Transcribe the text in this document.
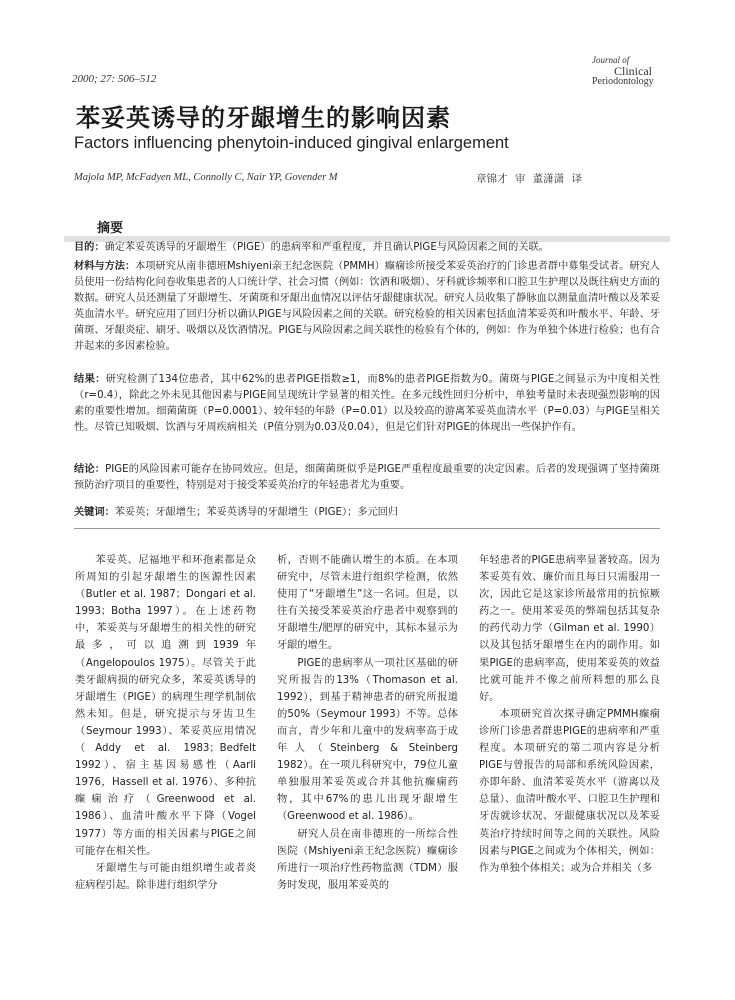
2000; 27: 506–512
Journal of
Clinical
Periodontology
苯妥英诱导的牙龈增生的影响因素
Factors influencing phenytoin-induced gingival enlargement
Majola MP, McFadyen ML, Connolly C, Nair YP, Govender M	章锦才 审 董潇潇 译
摘要
目的：确定苯妥英诱导的牙龈增生（PIGE）的患病率和严重程度，并且确认PIGE与风险因素之间的关联。
材料与方法：本项研究从南非德班Mshiyeni亲王纪念医院（PMMH）癫痫诊所接受苯妥英治疗的门诊患者群中募集受试者。研究人员使用一份结构化问卷收集患者的人口统计学、社会习惯（例如：饮酒和吸烟）、牙科就诊频率和口腔卫生护理以及既往病史方面的数据。研究人员还测量了牙龈增生、牙菌斑和牙龈出血情况以评估牙龈健康状况。研究人员收集了静脉血以测量血清叶酸以及苯妥英血清水平。研究应用了回归分析以确认PIGE与风险因素之间的关联。研究检验的相关因素包括血清苯妥英和叶酸水平、年龄、牙菌斑、牙龈炎症、刷牙、吸烟以及饮酒情况。PIGE与风险因素之间关联性的检验有个体的，例如：作为单独个体进行检验；也有合并起来的多因素检验。
结果：研究检测了134位患者，其中62%的患者PIGE指数≥1，而8%的患者PIGE指数为0。菌斑与PIGE之间显示为中度相关性（r=0.4），除此之外未见其他因素与PIGE间呈现统计学显著的相关性。在多元线性回归分析中，单独考量时未表现强烈影响的因素的重要性增加。细菌菌斑（P=0.0001）、较年轻的年龄（P=0.01）以及较高的游离苯妥英血清水平（P=0.03）与PIGE呈相关性。尽管已知吸烟、饮酒与牙周疾病相关（P值分别为0.03及0.04），但是它们针对PIGE的体现出一些保护作有。
结论：PIGE的风险因素可能存在协同效应。但是，细菌菌斑似乎是PIGE严重程度最重要的决定因素。后者的发现强调了坚持菌斑预防治疗项目的重要性，特别是对于接受苯妥英治疗的年轻患者尤为重要。
关键词：苯妥英；牙龈增生；苯妥英诱导的牙龈增生（PIGE）；多元回归

苯妥英、尼福地平和环孢素都是众所周知的引起牙龈增生的医源性因素（Butler et al. 1987；Dongari et al. 1993；Botha 1997）。在上述药物中，苯妥英与牙龈增生的相关性的研究最多，可以追溯到1939年（Angelopoulos 1975）。尽管关于此类牙龈病损的研究众多，苯妥英诱导的牙龈增生（PIGE）的病理生理学机制依然未知。但是，研究提示与牙齿卫生（Seymour 1993）、苯妥英应用情况（Addy et al. 1983；Bedfelt 1992）、宿主基因易感性（Aarli 1976，Hassell et al. 1976）、多种抗癫痫治疗（Greenwood et al. 1986）、血清叶酸水平下降（Vogel 1977）等方面的相关因素与PIGE之间可能存在相关性。

牙龈增生与可能由组织增生或者炎症病程引起。除非进行组织学分

析，否则不能确认增生的本质。在本项研究中，尽管未进行组织学检测，依然使用了“牙龈增生”这一名词。但是，以往有关接受苯妥英治疗患者中观察到的牙龈增生/肥厚的研究中，其标本显示为牙龈的增生。

PIGE的患病率从一项社区基础的研究所报告的13%（Thomason et al. 1992），到基于精神患者的研究所报道的50%（Seymour 1993）不等。总体而言，青少年和儿童中的发病率高于成年人（Steinberg & Steinberg 1982）。在一项儿科研究中，79位儿童单独服用苯妥英或合并其他抗癫痫药物，其中67%的患儿出现牙龈增生（Greenwood et al. 1986）。

研究人员在南非德班的一所综合性医院（Mshiyeni亲王纪念医院）癫痫诊所进行一项治疗性药物监测（TDM）服务时发现，服用苯妥英的

年轻患者的PIGE患病率显著较高。因为苯妥英有效、廉价而且每日只需服用一次，因此它是这家诊所最常用的抗惊厥药之一。使用苯妥英的弊端包括其复杂的药代动力学（Gilman et al. 1990）以及其包括牙龈增生在内的副作用。如果PIGE的患病率高，使用苯妥英的效益比就可能并不像之前所料想的那么良好。

本项研究首次探寻确定PMMH癫痫诊所门诊患者群患PIGE的患病率和严重程度。本项研究的第二项内容是分析PIGE与曾报告的局部和系统风险因素，亦即年龄、血清苯妥英水平（游离以及总量）、血清叶酸水平、口腔卫生护理和牙齿就诊状况、牙龈健康状况以及苯妥英治疗持续时间等之间的关联性。风险因素与PIGE之间或为个体相关，例如：作为单独个体相关；或为合并相关（多
